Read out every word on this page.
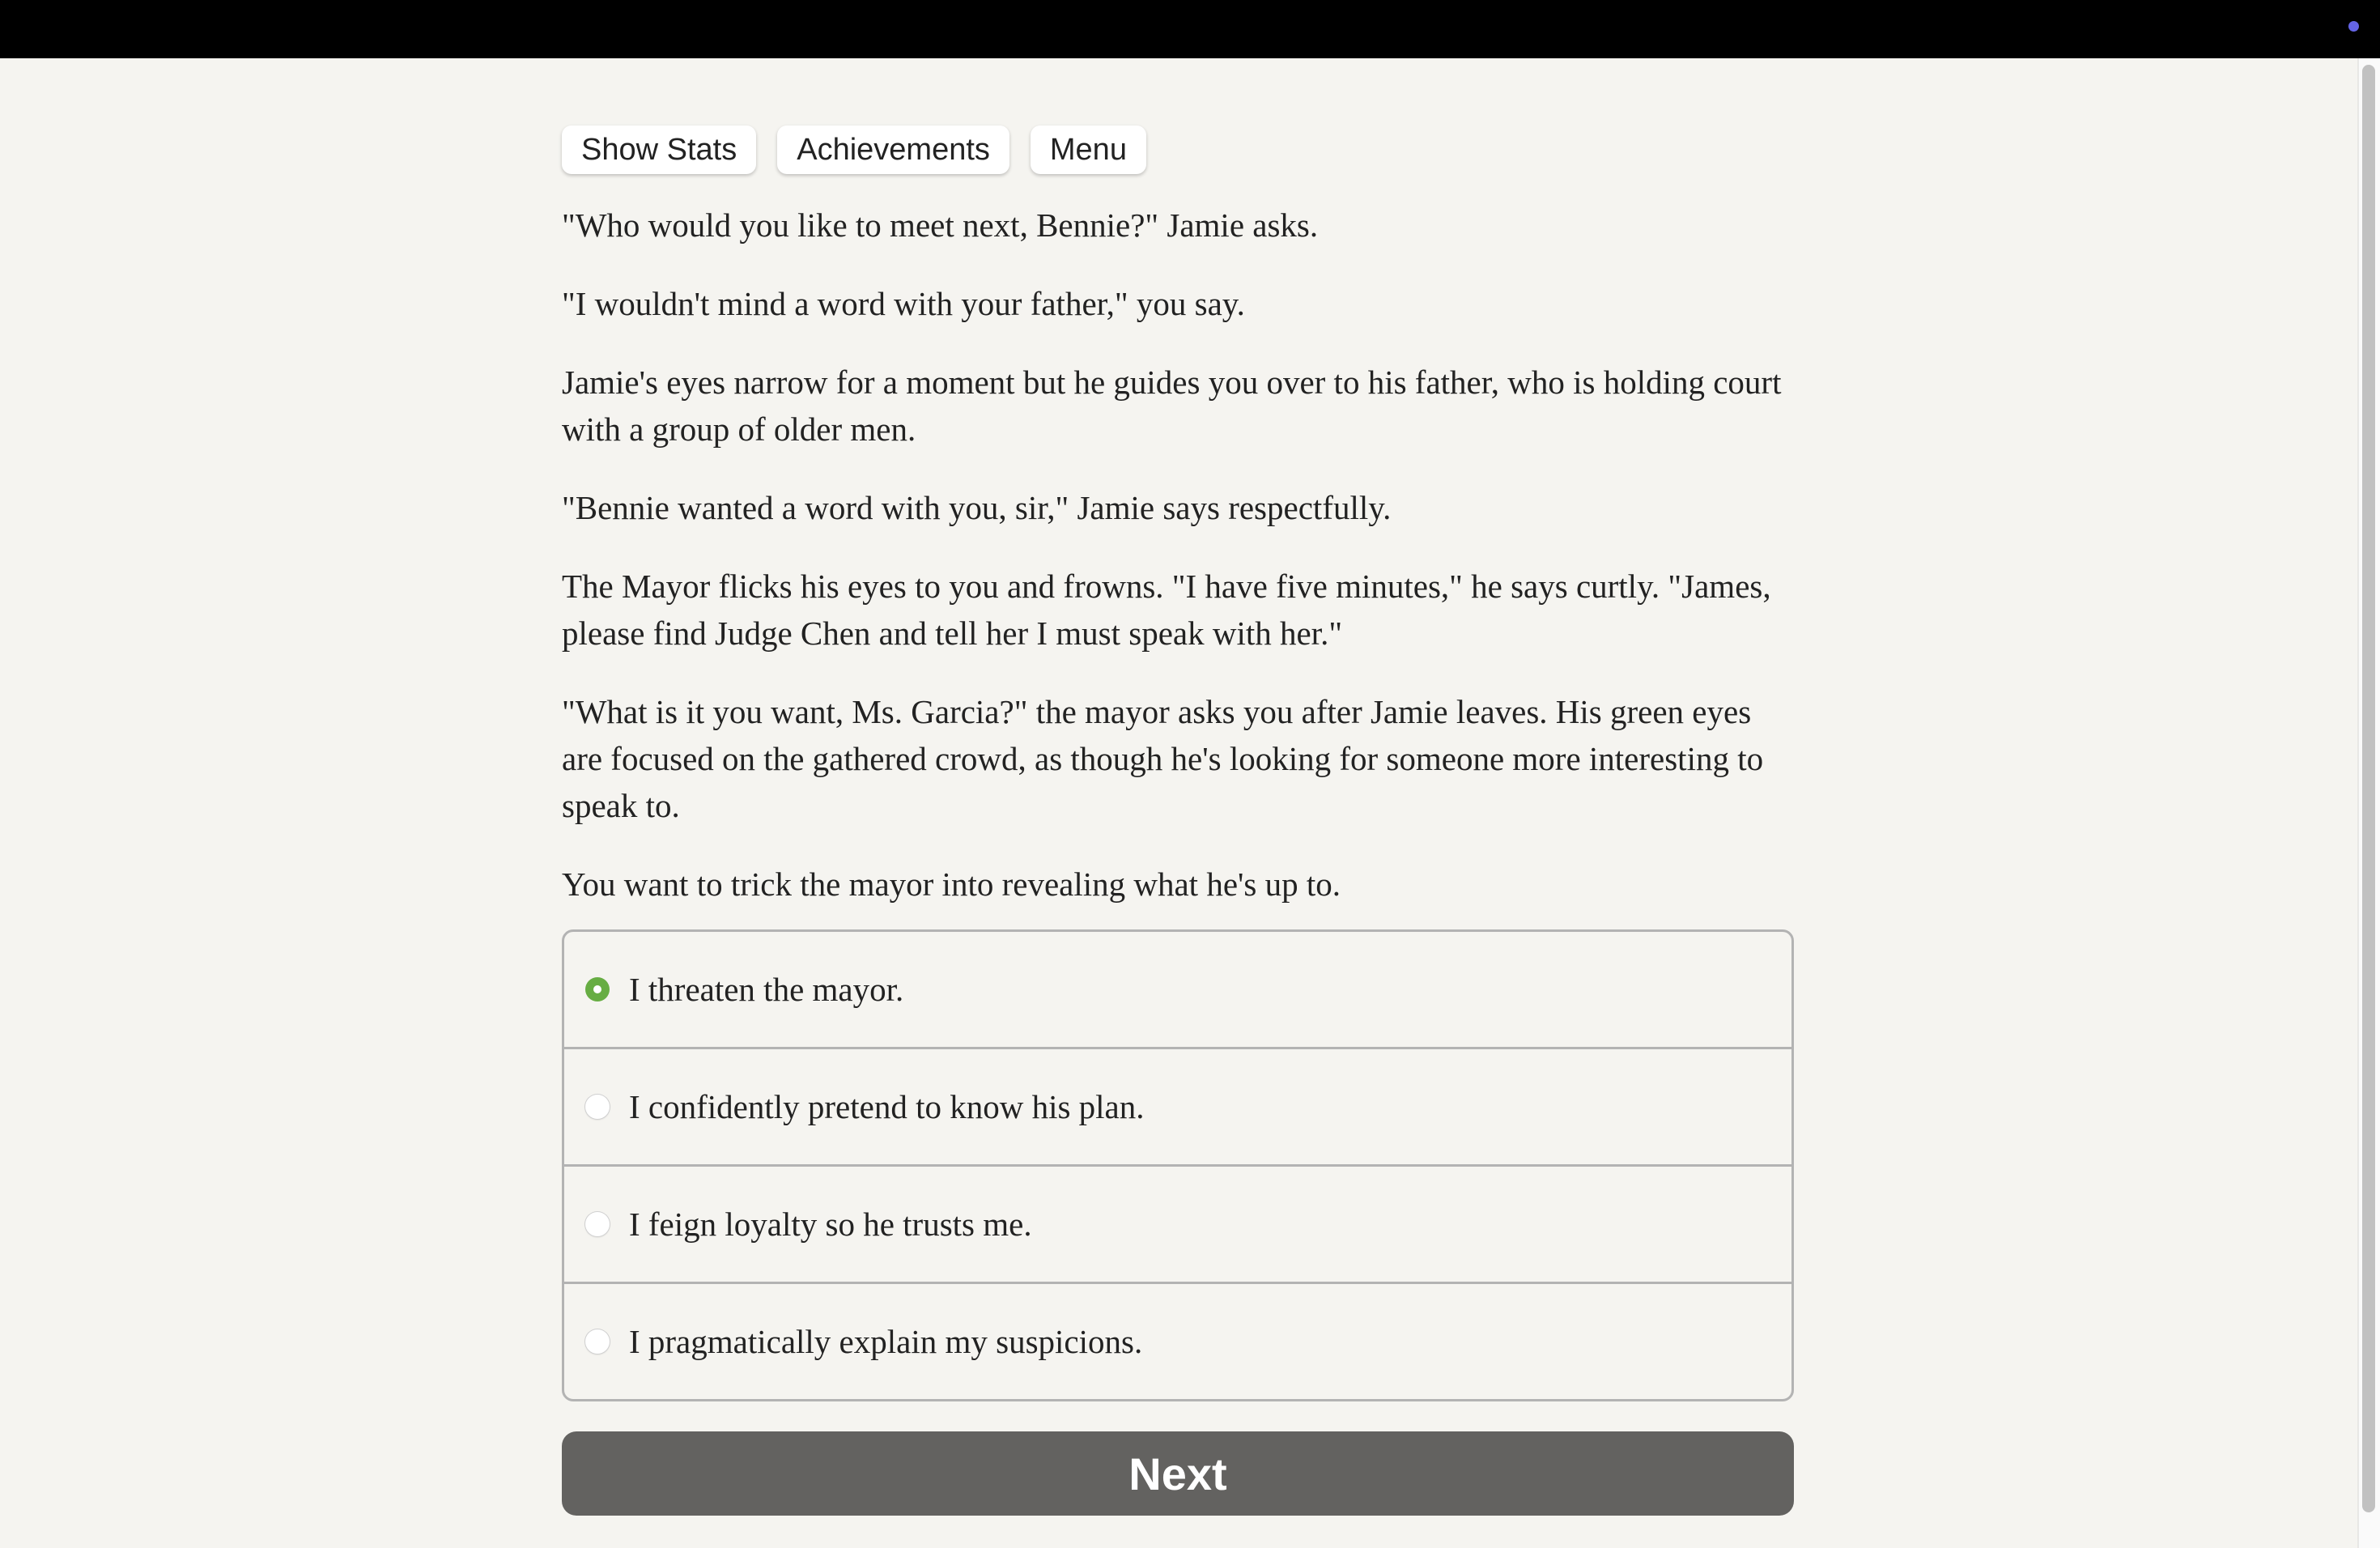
Show Stats	Achievements	Menu

"Who would you like to meet next, Bennie?" Jamie asks.

"I wouldn't mind a word with your father," you say.

Jamie's eyes narrow for a moment but he guides you over to his father, who is holding court with a group of older men.

"Bennie wanted a word with you, sir," Jamie says respectfully.

The Mayor flicks his eyes to you and frowns. "I have five minutes," he says curtly. "James, please find Judge Chen and tell her I must speak with her."

"What is it you want, Ms. Garcia?" the mayor asks you after Jamie leaves. His green eyes are focused on the gathered crowd, as though he's looking for someone more interesting to speak to.

You want to trick the mayor into revealing what he's up to.

I threaten the mayor.
I confidently pretend to know his plan.
I feign loyalty so he trusts me.
I pragmatically explain my suspicions.
Next
